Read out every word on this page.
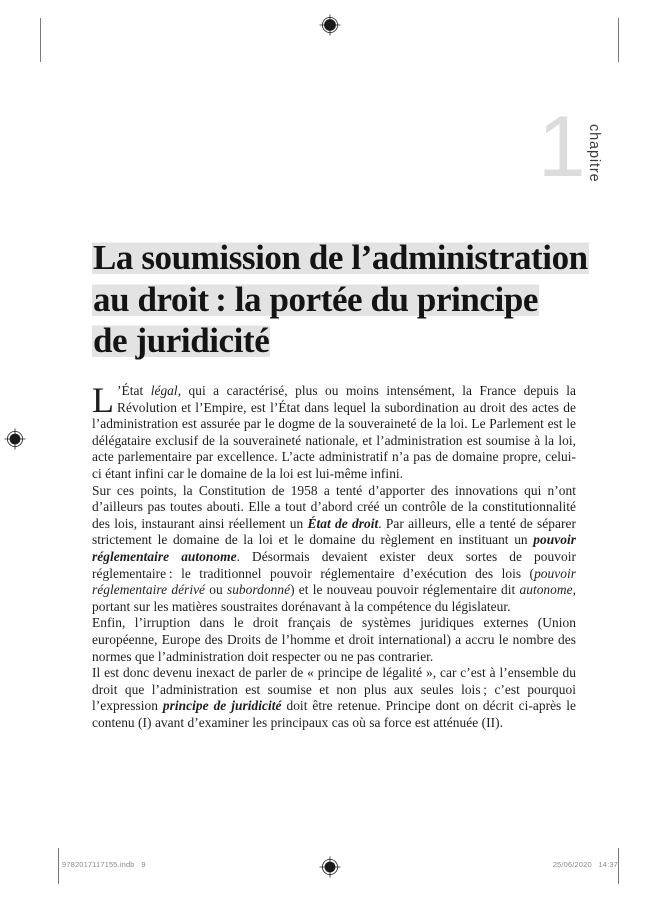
1 chapitre
La soumission de l’administration
au droit : la portée du principe
de juridicité

L ’État légal, qui a caractérisé, plus ou moins intensément, la France depuis la Révolution et l’Empire, est l’État dans lequel la subordination au droit des actes de l’administration est assurée par le dogme de la souveraineté de la loi. Le Parlement est le délégataire exclusif de la souveraineté nationale, et l’administration est soumise à la loi, acte parlementaire par excellence. L’acte administratif n’a pas de domaine propre, celui-ci étant infini car le domaine de la loi est lui-même infini.

Sur ces points, la Constitution de 1958 a tenté d’apporter des innovations qui n’ont d’ailleurs pas toutes abouti. Elle a tout d’abord créé un contrôle de la constitutionnalité des lois, instaurant ainsi réellement un État de droit. Par ailleurs, elle a tenté de séparer strictement le domaine de la loi et le domaine du règlement en instituant un pouvoir réglementaire autonome. Désormais devaient exister deux sortes de pouvoir réglementaire : le traditionnel pouvoir réglementaire d’exécution des lois (pouvoir réglementaire dérivé ou subordonné) et le nouveau pouvoir réglementaire dit autonome, portant sur les matières soustraites dorénavant à la compétence du législateur.

Enfin, l’irruption dans le droit français de systèmes juridiques externes (Union européenne, Europe des Droits de l’homme et droit international) a accru le nombre des normes que l’administration doit respecter ou ne pas contrarier.

Il est donc devenu inexact de parler de « principe de légalité », car c’est à l’ensemble du droit que l’administration est soumise et non plus aux seules lois ; c’est pourquoi l’expression principe de juridicité doit être retenue. Principe dont on décrit ci-après le contenu (I) avant d’examiner les principaux cas où sa force est atténuée (II).

9782017117155.indb   9	25/06/2020   14:37
